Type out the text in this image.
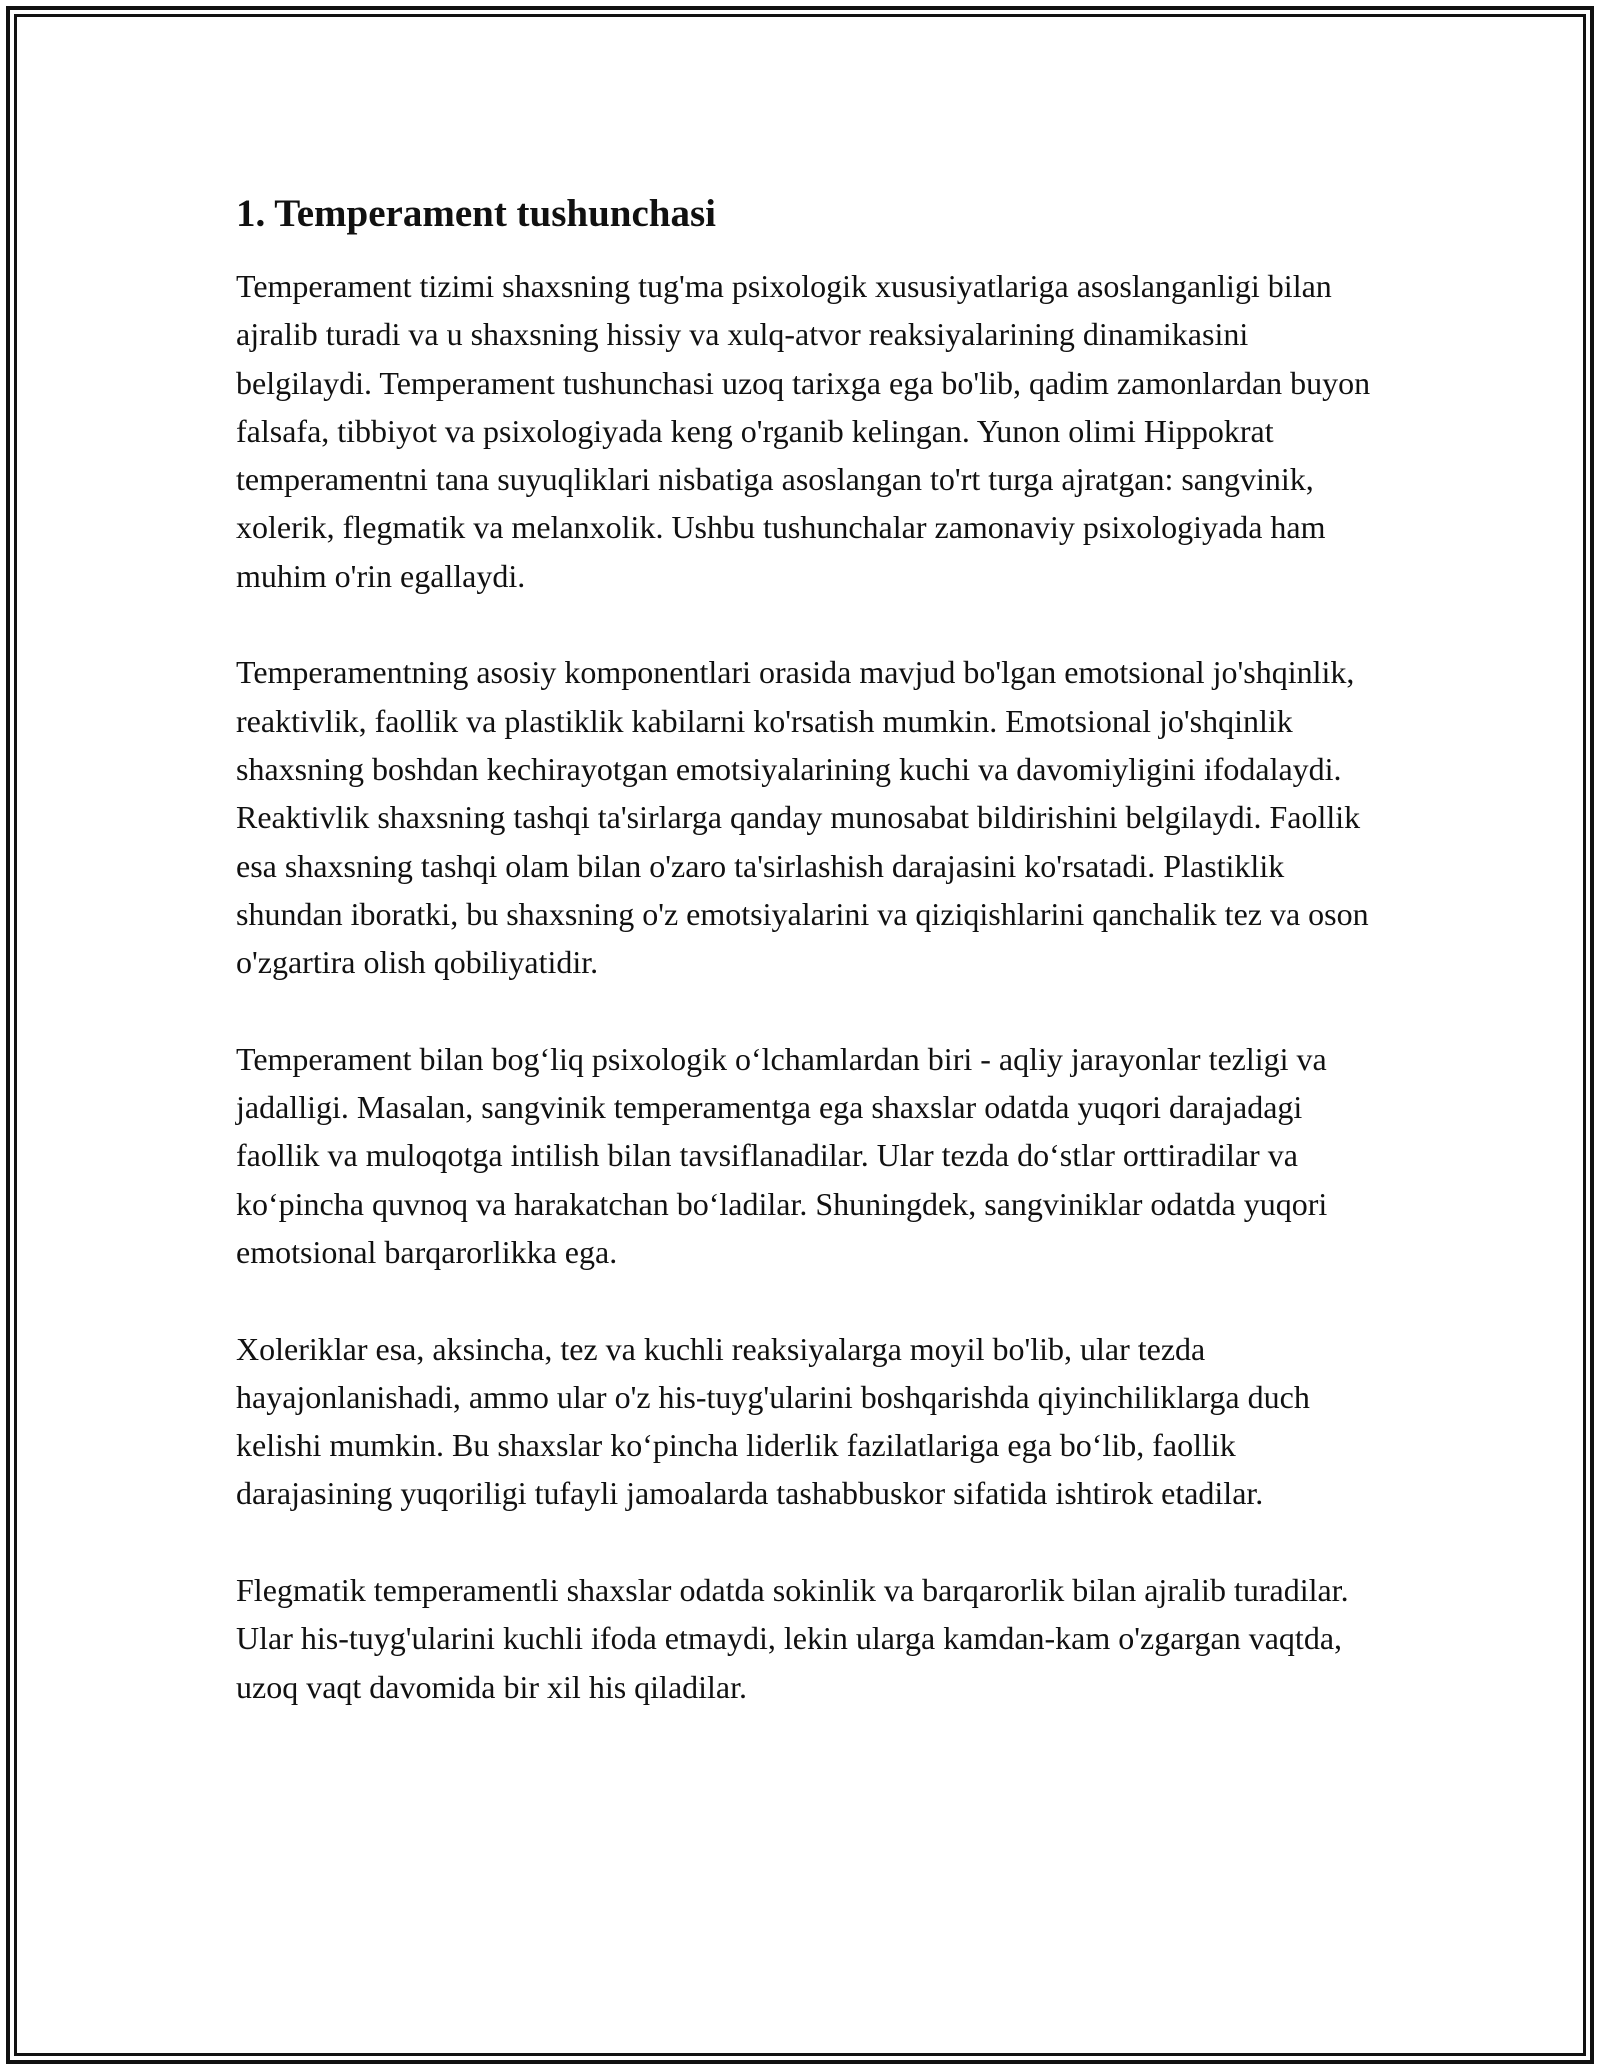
1. Temperament tushunchasi

Temperament tizimi shaxsning tug'ma psixologik xususiyatlariga asoslanganligi bilan ajralib turadi va u shaxsning hissiy va xulq-atvor reaksiyalarining dinamikasini belgilaydi. Temperament tushunchasi uzoq tarixga ega bo'lib, qadim zamonlardan buyon falsafa, tibbiyot va psixologiyada keng o'rganib kelingan. Yunon olimi Hippokrat temperamentni tana suyuqliklari nisbatiga asoslangan to'rt turga ajratgan: sangvinik, xolerik, flegmatik va melanxolik. Ushbu tushunchalar zamonaviy psixologiyada ham muhim o'rin egallaydi.

Temperamentning asosiy komponentlari orasida mavjud bo'lgan emotsional jo'shqinlik, reaktivlik, faollik va plastiklik kabilarni ko'rsatish mumkin. Emotsional jo'shqinlik shaxsning boshdan kechirayotgan emotsiyalarining kuchi va davomiyligini ifodalaydi. Reaktivlik shaxsning tashqi ta'sirlarga qanday munosabat bildirishini belgilaydi. Faollik esa shaxsning tashqi olam bilan o'zaro ta'sirlashish darajasini ko'rsatadi. Plastiklik shundan iboratki, bu shaxsning o'z emotsiyalarini va qiziqishlarini qanchalik tez va oson o'zgartira olish qobiliyatidir.

Temperament bilan bog‘liq psixologik o‘lchamlardan biri - aqliy jarayonlar tezligi va jadalligi. Masalan, sangvinik temperamentga ega shaxslar odatda yuqori darajadagi faollik va muloqotga intilish bilan tavsiflanadilar. Ular tezda do‘stlar orttiradilar va ko‘pincha quvnoq va harakatchan bo‘ladilar. Shuningdek, sangviniklar odatda yuqori emotsional barqarorlikka ega.

Xoleriklar esa, aksincha, tez va kuchli reaksiyalarga moyil bo'lib, ular tezda hayajonlanishadi, ammo ular o'z his-tuyg'ularini boshqarishda qiyinchiliklarga duch kelishi mumkin. Bu shaxslar ko‘pincha liderlik fazilatlariga ega bo‘lib, faollik darajasining yuqoriligi tufayli jamoalarda tashabbuskor sifatida ishtirok etadilar.

Flegmatik temperamentli shaxslar odatda sokinlik va barqarorlik bilan ajralib turadilar. Ular his-tuyg'ularini kuchli ifoda etmaydi, lekin ularga kamdan-kam o'zgargan vaqtda, uzoq vaqt davomida bir xil his qiladilar.
